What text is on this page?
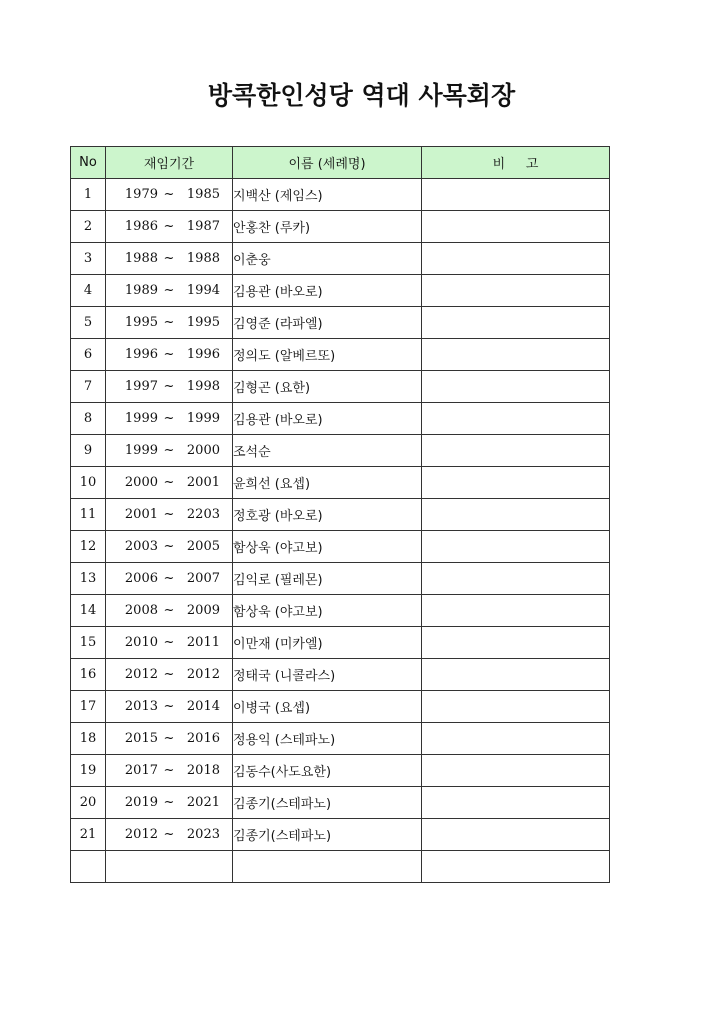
방콕한인성당 역대 사목회장
No	재임기간	이름 (세례명)	비     고
1	1979 ~ 1985	지백산 (제임스)	
2	1986 ~ 1987	안홍찬 (루카)	
3	1988 ~ 1988	이춘웅	
4	1989 ~ 1994	김용관 (바오로)	
5	1995 ~ 1995	김영준 (라파엘)	
6	1996 ~ 1996	정의도 (알베르또)	
7	1997 ~ 1998	김형곤 (요한)	
8	1999 ~ 1999	김용관 (바오로)	
9	1999 ~ 2000	조석순	
10	2000 ~ 2001	윤희선 (요셉)	
11	2001 ~ 2203	정호광 (바오로)	
12	2003 ~ 2005	함상욱 (야고보)	
13	2006 ~ 2007	김익로 (필레몬)	
14	2008 ~ 2009	함상욱 (야고보)	
15	2010 ~ 2011	이만재 (미카엘)	
16	2012 ~ 2012	정태국 (니콜라스)	
17	2013 ~ 2014	이병국 (요셉)	
18	2015 ~ 2016	정용익 (스테파노)	
19	2017 ~ 2018	김동수(사도요한)	
20	2019 ~ 2021	김종기(스테파노)	
21	2012 ~ 2023	김종기(스테파노)	
